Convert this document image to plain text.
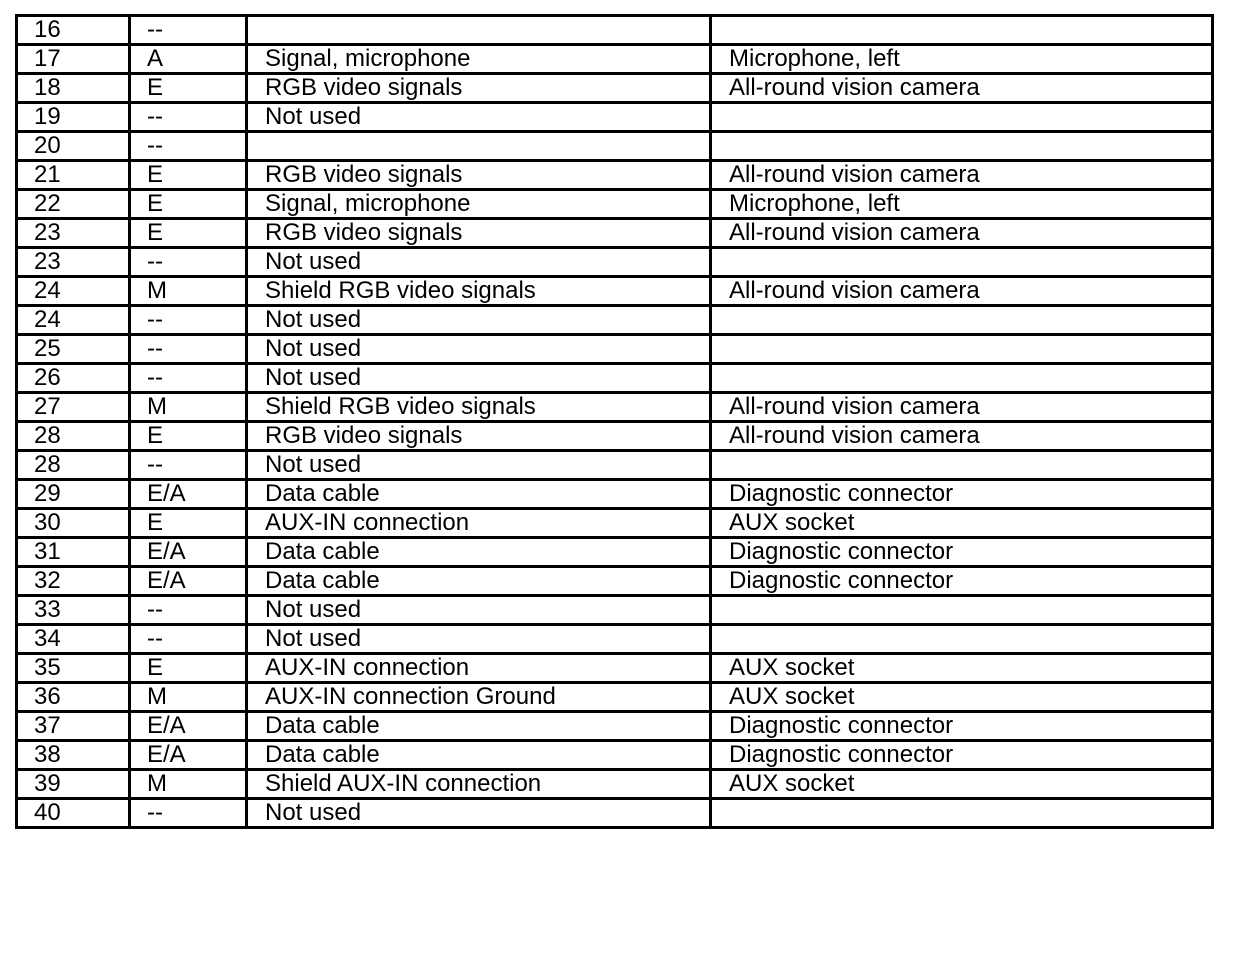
16	--		
17	A	Signal, microphone	Microphone, left
18	E	RGB video signals	All-round vision camera
19	--	Not used	
20	--		
21	E	RGB video signals	All-round vision camera
22	E	Signal, microphone	Microphone, left
23	E	RGB video signals	All-round vision camera
23	--	Not used	
24	M	Shield RGB video signals	All-round vision camera
24	--	Not used	
25	--	Not used	
26	--	Not used	
27	M	Shield RGB video signals	All-round vision camera
28	E	RGB video signals	All-round vision camera
28	--	Not used	
29	E/A	Data cable	Diagnostic connector
30	E	AUX-IN connection	AUX socket
31	E/A	Data cable	Diagnostic connector
32	E/A	Data cable	Diagnostic connector
33	--	Not used	
34	--	Not used	
35	E	AUX-IN connection	AUX socket
36	M	AUX-IN connection Ground	AUX socket
37	E/A	Data cable	Diagnostic connector
38	E/A	Data cable	Diagnostic connector
39	M	Shield AUX-IN connection	AUX socket
40	--	Not used	
